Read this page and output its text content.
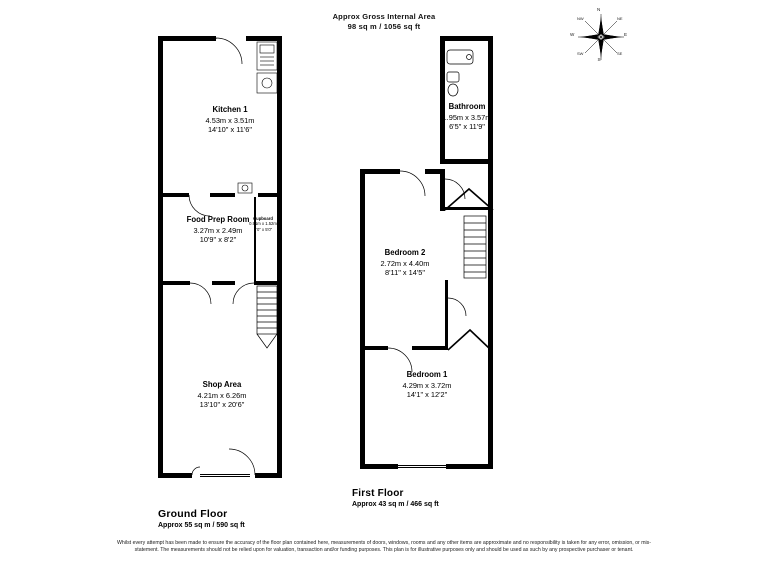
Approx Gross Internal Area
98 sq m / 1056 sq ft
N
S
E
W
NE
NW
SE
SW
Kitchen 1
4.53m x 3.51m
14'10" x 11'6"
Food Prep Room
3.27m x 2.49m
10'9" x 8'2"
Shop Area
4.21m x 6.26m
13'10" x 20'6"
Cupboard
0.91m x 1.52m
3'0" x 5'0"
Bathroom
1.95m x 3.57m
6'5" x 11'9"
Bedroom 2
2.72m x 4.40m
8'11" x 14'5"
Bedroom 1
4.29m x 3.72m
14'1" x 12'2"
Ground Floor
Approx 55 sq m / 590 sq ft
First Floor
Approx 43 sq m / 466 sq ft
Whilst every attempt has been made to ensure the accuracy of the floor plan contained here, measurements of doors, windows, rooms and any other items are approximate and no responsibility is taken for any error, omission, or mis-statement. The measurements should not be relied upon for valuation, transaction and/or funding purposes. This plan is for illustrative purposes only and should be used as such by any prospective purchaser or tenant.
